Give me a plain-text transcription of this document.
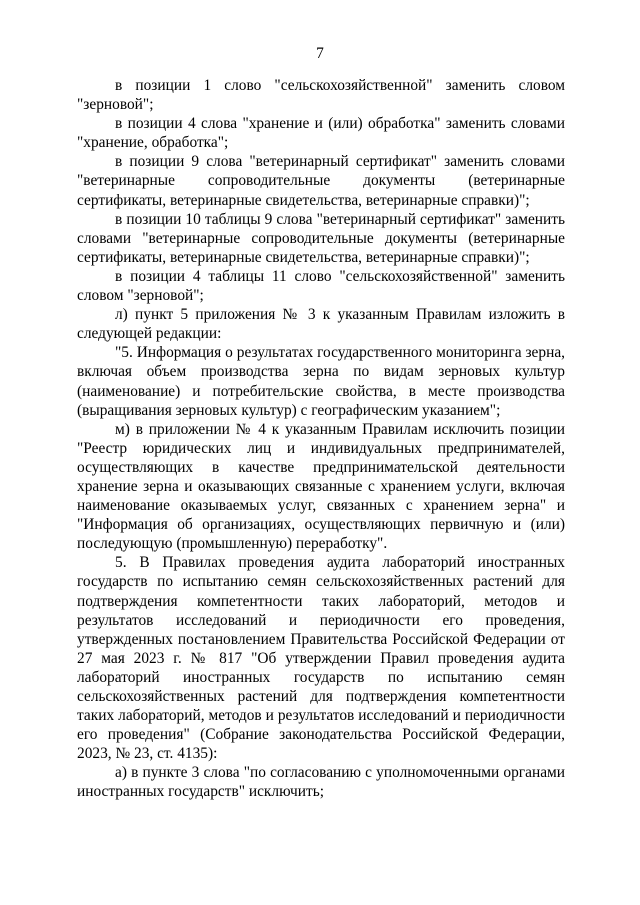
7

в позиции 1 слово "сельскохозяйственной" заменить словом "зерновой";

в позиции 4 слова "хранение и (или) обработка" заменить словами "хранение, обработка";

в позиции 9 слова "ветеринарный сертификат" заменить словами "ветеринарные сопроводительные документы (ветеринарные сертификаты, ветеринарные свидетельства, ветеринарные справки)";

в позиции 10 таблицы 9 слова "ветеринарный сертификат" заменить словами "ветеринарные сопроводительные документы (ветеринарные сертификаты, ветеринарные свидетельства, ветеринарные справки)";

в позиции 4 таблицы 11 слово "сельскохозяйственной" заменить словом "зерновой";

л) пункт 5 приложения № 3 к указанным Правилам изложить в следующей редакции:

"5. Информация о результатах государственного мониторинга зерна, включая объем производства зерна по видам зерновых культур (наименование) и потребительские свойства, в месте производства (выращивания зерновых культур) с географическим указанием";

м) в приложении № 4 к указанным Правилам исключить позиции "Реестр юридических лиц и индивидуальных предпринимателей, осуществляющих в качестве предпринимательской деятельности хранение зерна и оказывающих связанные с хранением услуги, включая наименование оказываемых услуг, связанных с хранением зерна" и "Информация об организациях, осуществляющих первичную и (или) последующую (промышленную) переработку".

5. В Правилах проведения аудита лабораторий иностранных государств по испытанию семян сельскохозяйственных растений для подтверждения компетентности таких лабораторий, методов и результатов исследований и периодичности его проведения, утвержденных постановлением Правительства Российской Федерации от 27 мая 2023 г. № 817 "Об утверждении Правил проведения аудита лабораторий иностранных государств по испытанию семян сельскохозяйственных растений для подтверждения компетентности таких лабораторий, методов и результатов исследований и периодичности его проведения" (Собрание законодательства Российской Федерации, 2023, № 23, ст. 4135):

а) в пункте 3 слова "по согласованию с уполномоченными органами иностранных государств" исключить;
